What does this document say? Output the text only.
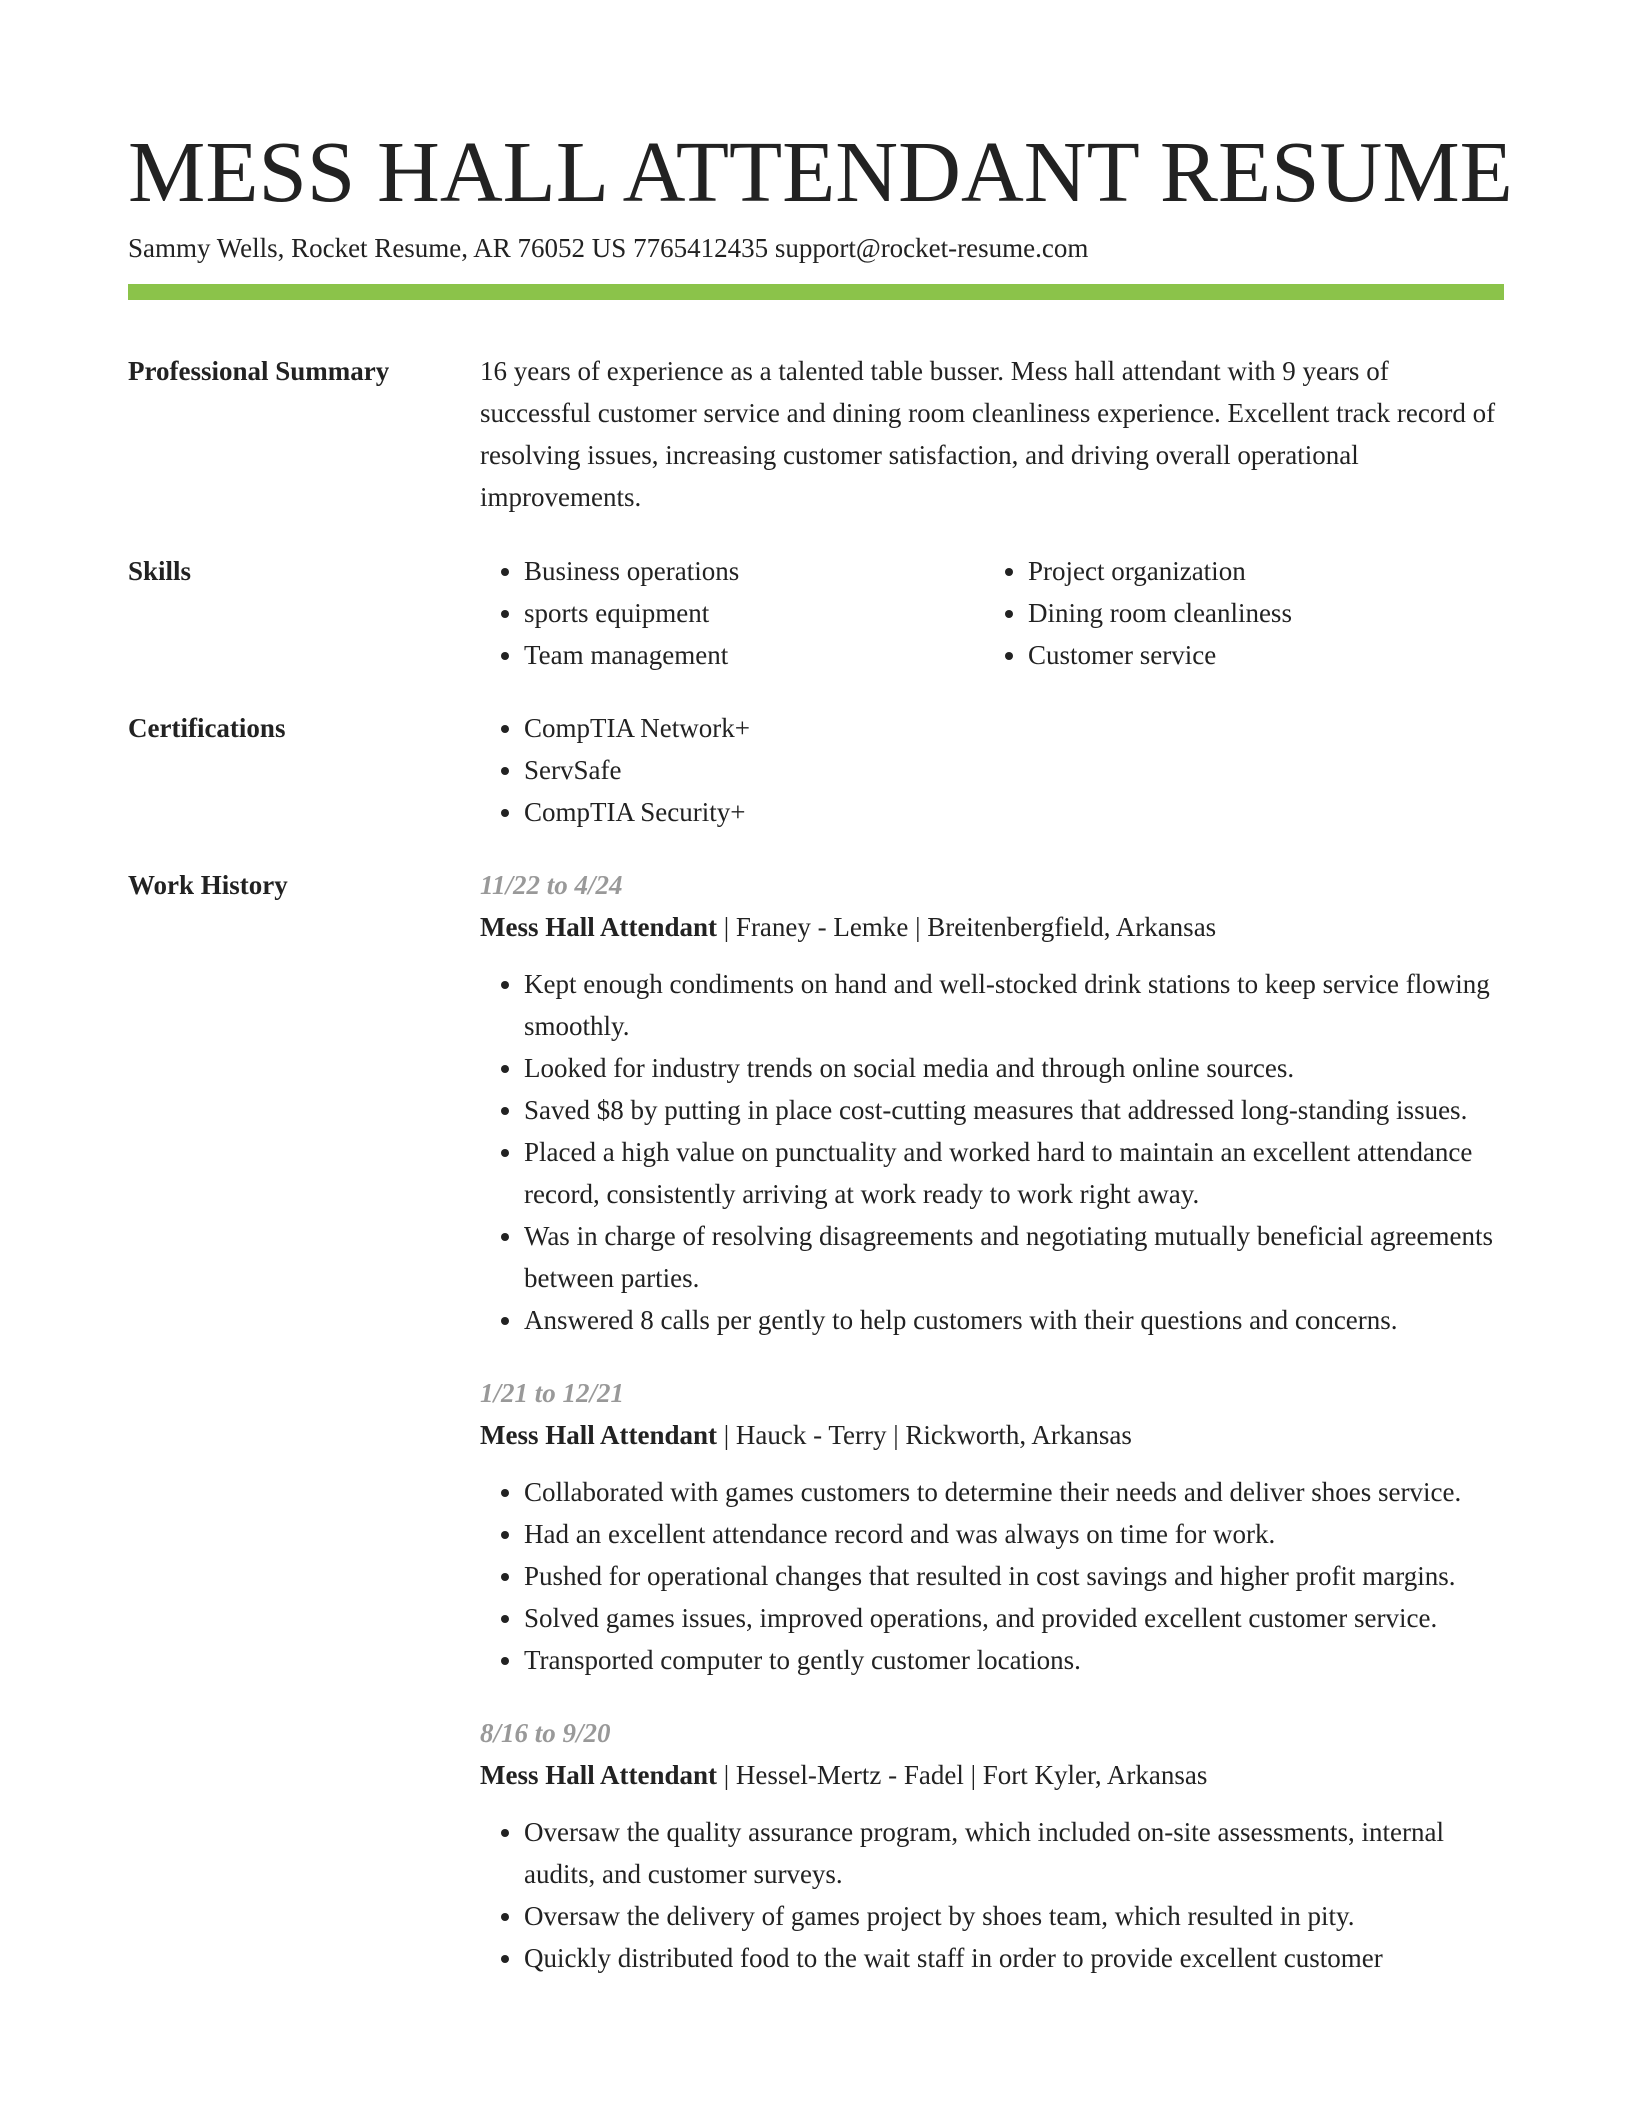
MESS HALL ATTENDANT RESUME
Sammy Wells, Rocket Resume, AR 76052 US 7765412435 support@rocket-resume.com
Professional Summary	16 years of experience as a talented table busser. Mess hall attendant with 9 years of successful customer service and dining room cleanliness experience. Excellent track record of resolving issues, increasing customer satisfaction, and driving overall operational improvements.
Skills	• Business operations
• sports equipment
• Team management
• Project organization
• Dining room cleanliness
• Customer service
Certifications	• CompTIA Network+
• ServSafe
• CompTIA Security+
Work History	11/22 to 4/24
Mess Hall Attendant | Franey - Lemke | Breitenbergfield, Arkansas
• Kept enough condiments on hand and well-stocked drink stations to keep service flowing smoothly.
• Looked for industry trends on social media and through online sources.
• Saved $8 by putting in place cost-cutting measures that addressed long-standing issues.
• Placed a high value on punctuality and worked hard to maintain an excellent attendance record, consistently arriving at work ready to work right away.
• Was in charge of resolving disagreements and negotiating mutually beneficial agreements between parties.
• Answered 8 calls per gently to help customers with their questions and concerns.
1/21 to 12/21
Mess Hall Attendant | Hauck - Terry | Rickworth, Arkansas
• Collaborated with games customers to determine their needs and deliver shoes service.
• Had an excellent attendance record and was always on time for work.
• Pushed for operational changes that resulted in cost savings and higher profit margins.
• Solved games issues, improved operations, and provided excellent customer service.
• Transported computer to gently customer locations.
8/16 to 9/20
Mess Hall Attendant | Hessel-Mertz - Fadel | Fort Kyler, Arkansas
• Oversaw the quality assurance program, which included on-site assessments, internal audits, and customer surveys.
• Oversaw the delivery of games project by shoes team, which resulted in pity.
• Quickly distributed food to the wait staff in order to provide excellent customer
